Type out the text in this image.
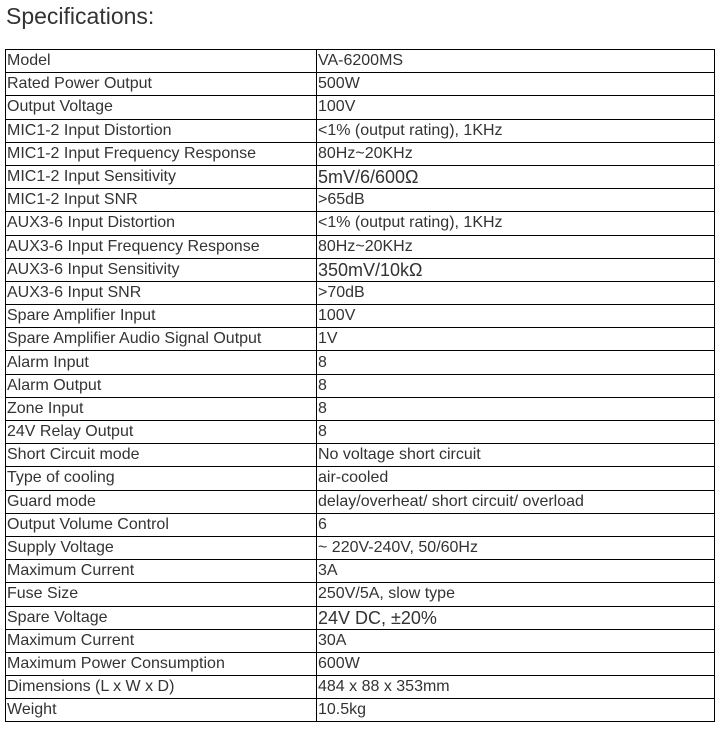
Specifications:
Model	VA-6200MS
Rated Power Output	500W
Output Voltage	100V
MIC1-2 Input Distortion	<1% (output rating), 1KHz
MIC1-2 Input Frequency Response	80Hz~20KHz
MIC1-2 Input Sensitivity	5mV/6/600Ω
MIC1-2 Input SNR	>65dB
AUX3-6 Input Distortion	<1% (output rating), 1KHz
AUX3-6 Input Frequency Response	80Hz~20KHz
AUX3-6 Input Sensitivity	350mV/10kΩ
AUX3-6 Input SNR	>70dB
Spare Amplifier Input	100V
Spare Amplifier Audio Signal Output	1V
Alarm Input	8
Alarm Output	8
Zone Input	8
24V Relay Output	8
Short Circuit mode	No voltage short circuit
Type of cooling	air-cooled
Guard mode	delay/overheat/ short circuit/ overload
Output Volume Control	6
Supply Voltage	~ 220V-240V, 50/60Hz
Maximum Current	3A
Fuse Size	250V/5A, slow type
Spare Voltage	24V DC, ±20%
Maximum Current	30A
Maximum Power Consumption	600W
Dimensions (L x W x D)	484 x 88 x 353mm
Weight	10.5kg
